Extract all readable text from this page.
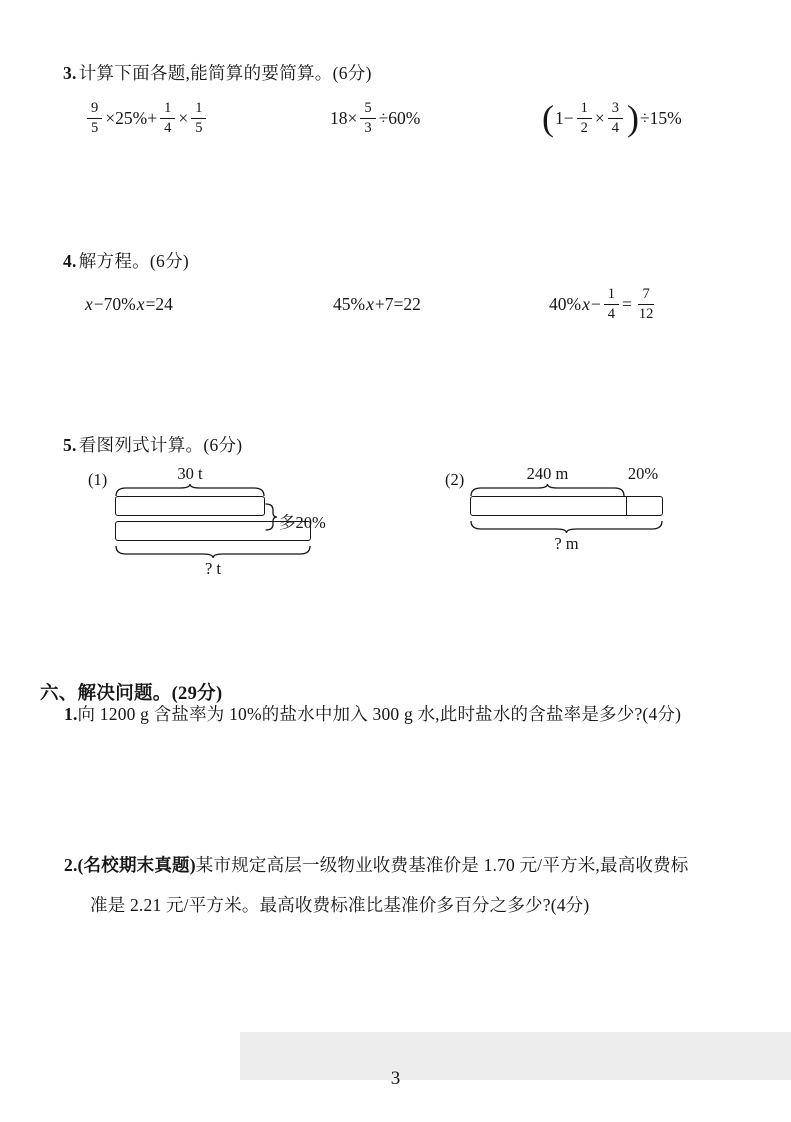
3. 计算下面各题,能简算的要简算。(6分)
$\frac{9}{5} \times 25\%+ \frac{1}{4} \times \frac{1}{5}$	$18\times \frac{5}{3} \div 60\%$	( $1- \frac{1}{2} \times \frac{3}{4}$ ) ÷15%
4. 解方程。(6分)
x −70% x =24	45% x +7=22	40% $x - \frac{1}{4} = \frac{7}{12}$
5. 看图列式计算。(6分)
(1)	30 t
多20%
? t
(2)	240 m	20%
? m
六、解决问题。(29分)
1.向 1200 g 含盐率为 10%的盐水中加入 300 g 水,此时盐水的含盐率是多少?(4分)
2.(名校期末真题)某市规定高层一级物业收费基准价是 1.70 元/平方米,最高收费标
准是 2.21 元/平方米。最高收费标准比基准价多百分之多少?(4分)
3
